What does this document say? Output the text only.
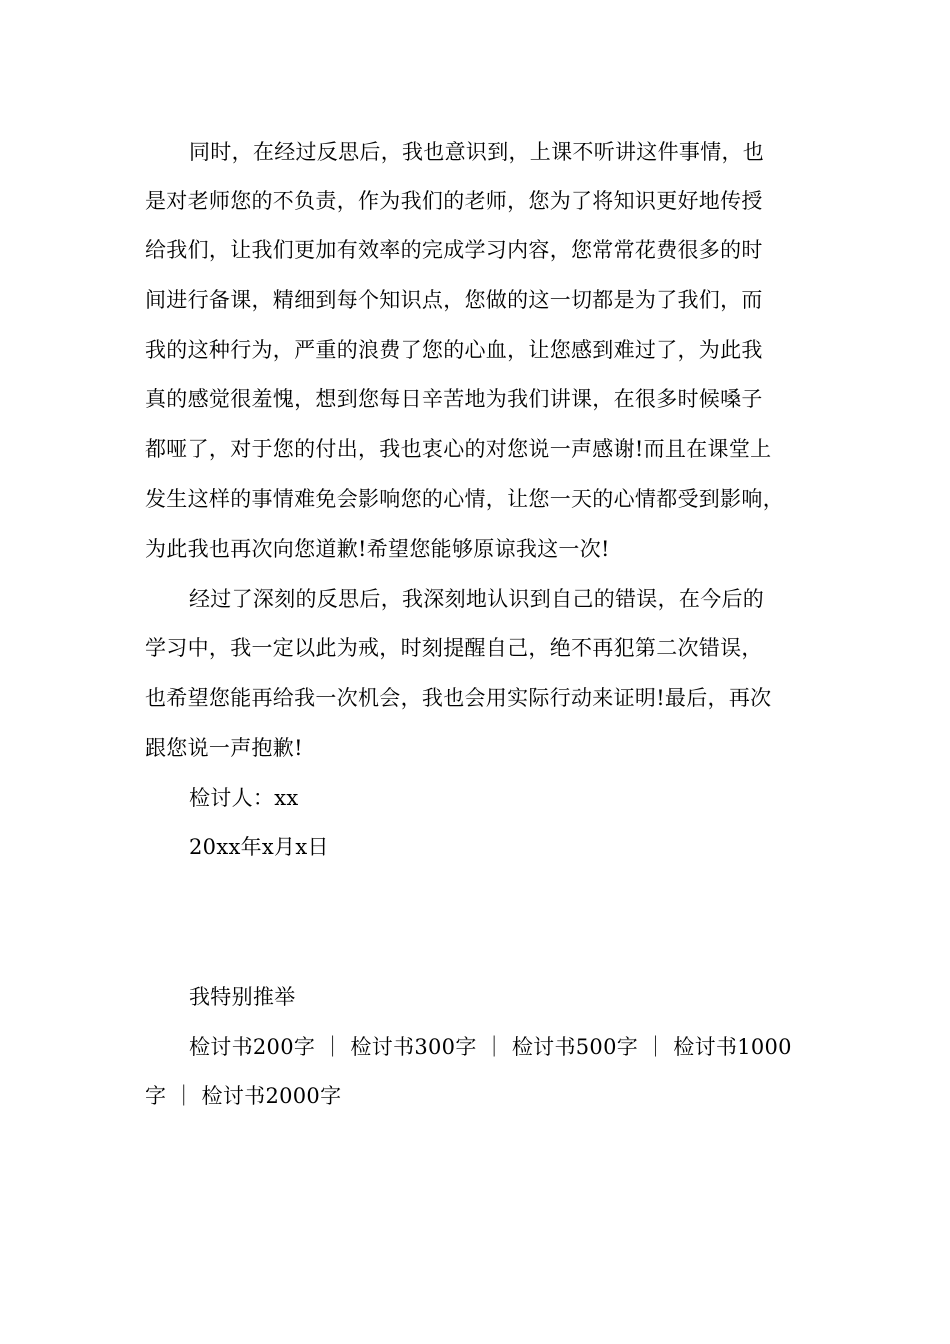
同时，在经过反思后，我也意识到，上课不听讲这件事情，也
是对老师您的不负责，作为我们的老师，您为了将知识更好地传授
给我们，让我们更加有效率的完成学习内容，您常常花费很多的时
间进行备课，精细到每个知识点，您做的这一切都是为了我们，而
我的这种行为，严重的浪费了您的心血，让您感到难过了，为此我
真的感觉很羞愧，想到您每日辛苦地为我们讲课，在很多时候嗓子
都哑了，对于您的付出，我也衷心的对您说一声感谢!而且在课堂上
发生这样的事情难免会影响您的心情，让您一天的心情都受到影响，
为此我也再次向您道歉!希望您能够原谅我这一次!
经过了深刻的反思后，我深刻地认识到自己的错误，在今后的
学习中，我一定以此为戒，时刻提醒自己，绝不再犯第二次错误，
也希望您能再给我一次机会，我也会用实际行动来证明!最后，再次
跟您说一声抱歉!
检讨人：xx
20xx年x月x日
我特别推举
检讨书200字 ｜ 检讨书300字 ｜ 检讨书500字 ｜ 检讨书1000
字 ｜ 检讨书2000字
